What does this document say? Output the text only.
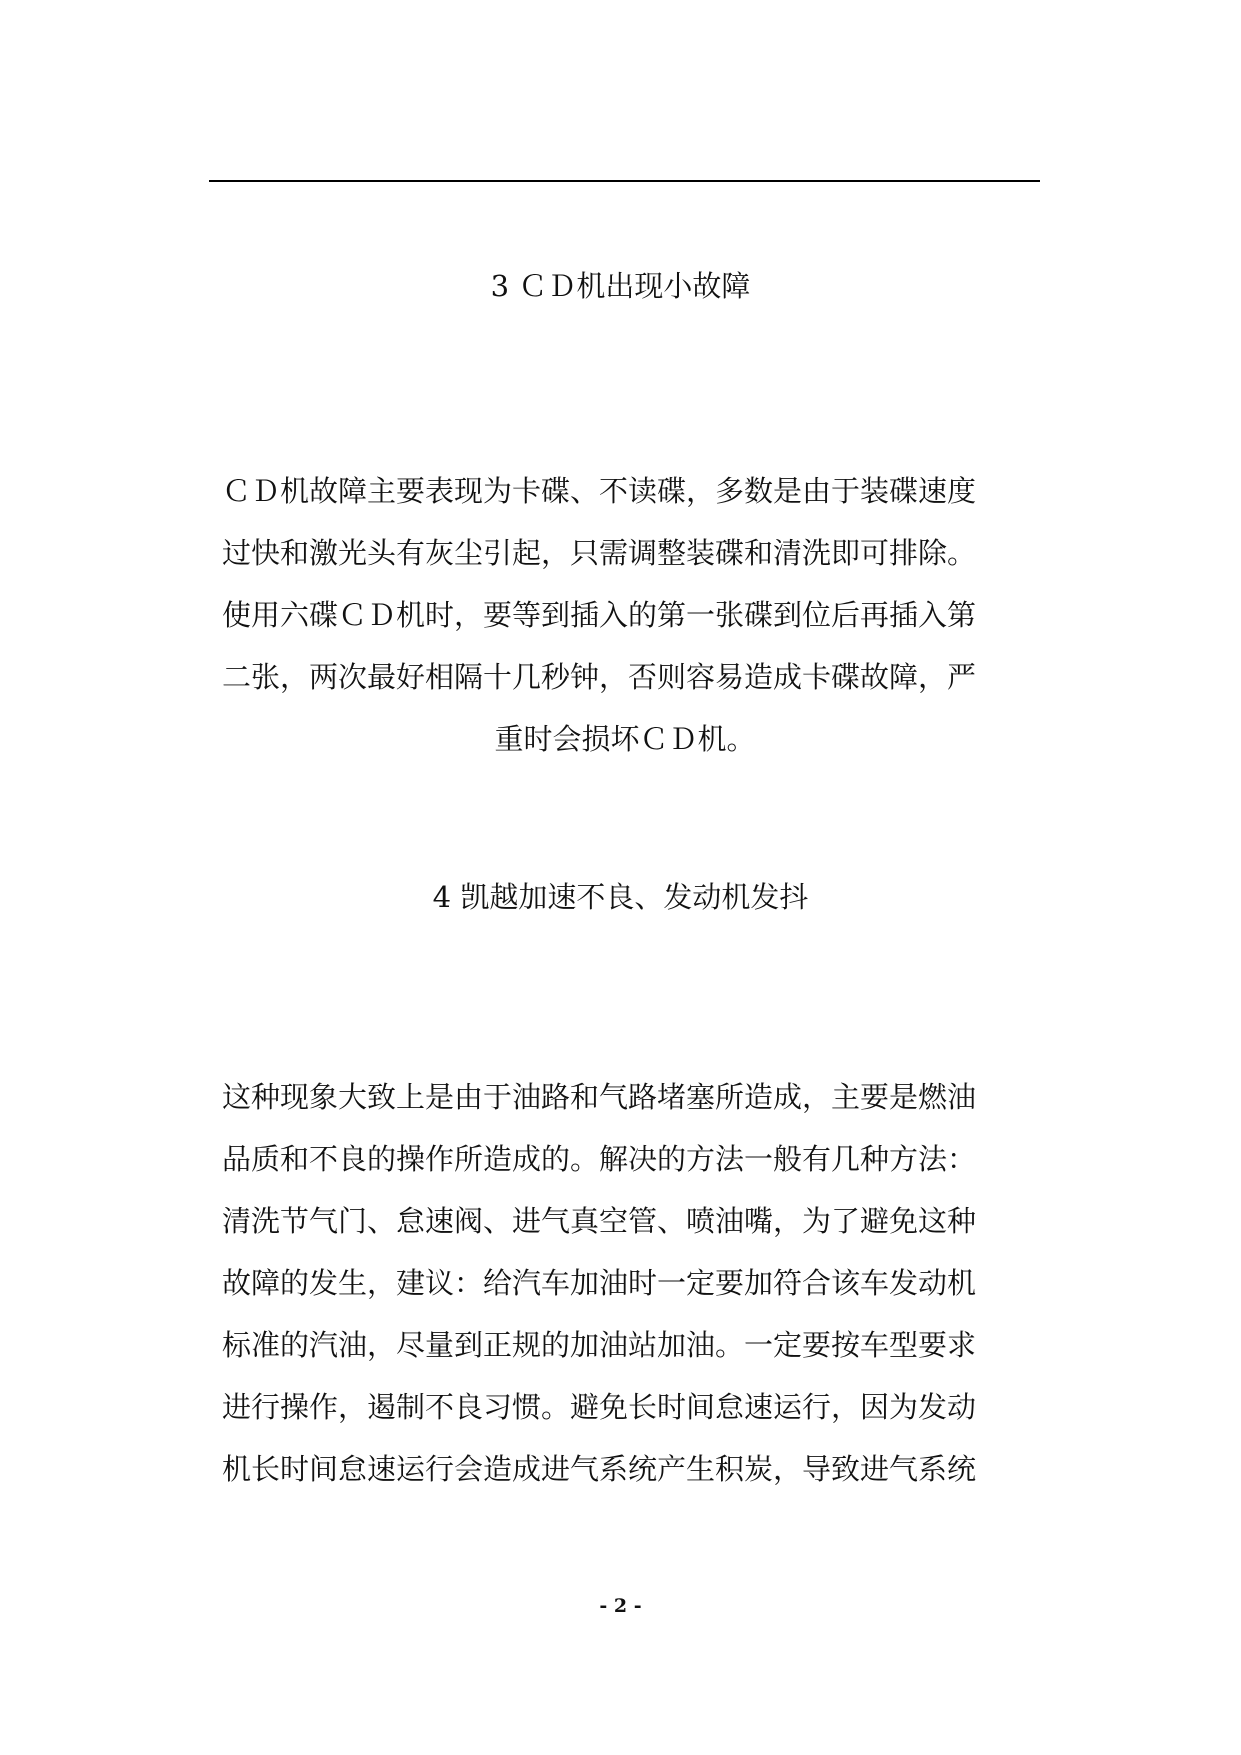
3 ＣＤ机出现小故障
ＣＤ机故障主要表现为卡碟、不读碟，多数是由于装碟速度
过快和激光头有灰尘引起，只需调整装碟和清洗即可排除。
使用六碟ＣＤ机时，要等到插入的第一张碟到位后再插入第
二张，两次最好相隔十几秒钟，否则容易造成卡碟故障，严
重时会损坏ＣＤ机。
4 凯越加速不良、发动机发抖
这种现象大致上是由于油路和气路堵塞所造成，主要是燃油
品质和不良的操作所造成的。解决的方法一般有几种方法：
清洗节气门、怠速阀、进气真空管、喷油嘴，为了避免这种
故障的发生，建议：给汽车加油时一定要加符合该车发动机
标准的汽油，尽量到正规的加油站加油。一定要按车型要求
进行操作，遏制不良习惯。避免长时间怠速运行，因为发动
机长时间怠速运行会造成进气系统产生积炭，导致进气系统
- 2 -
